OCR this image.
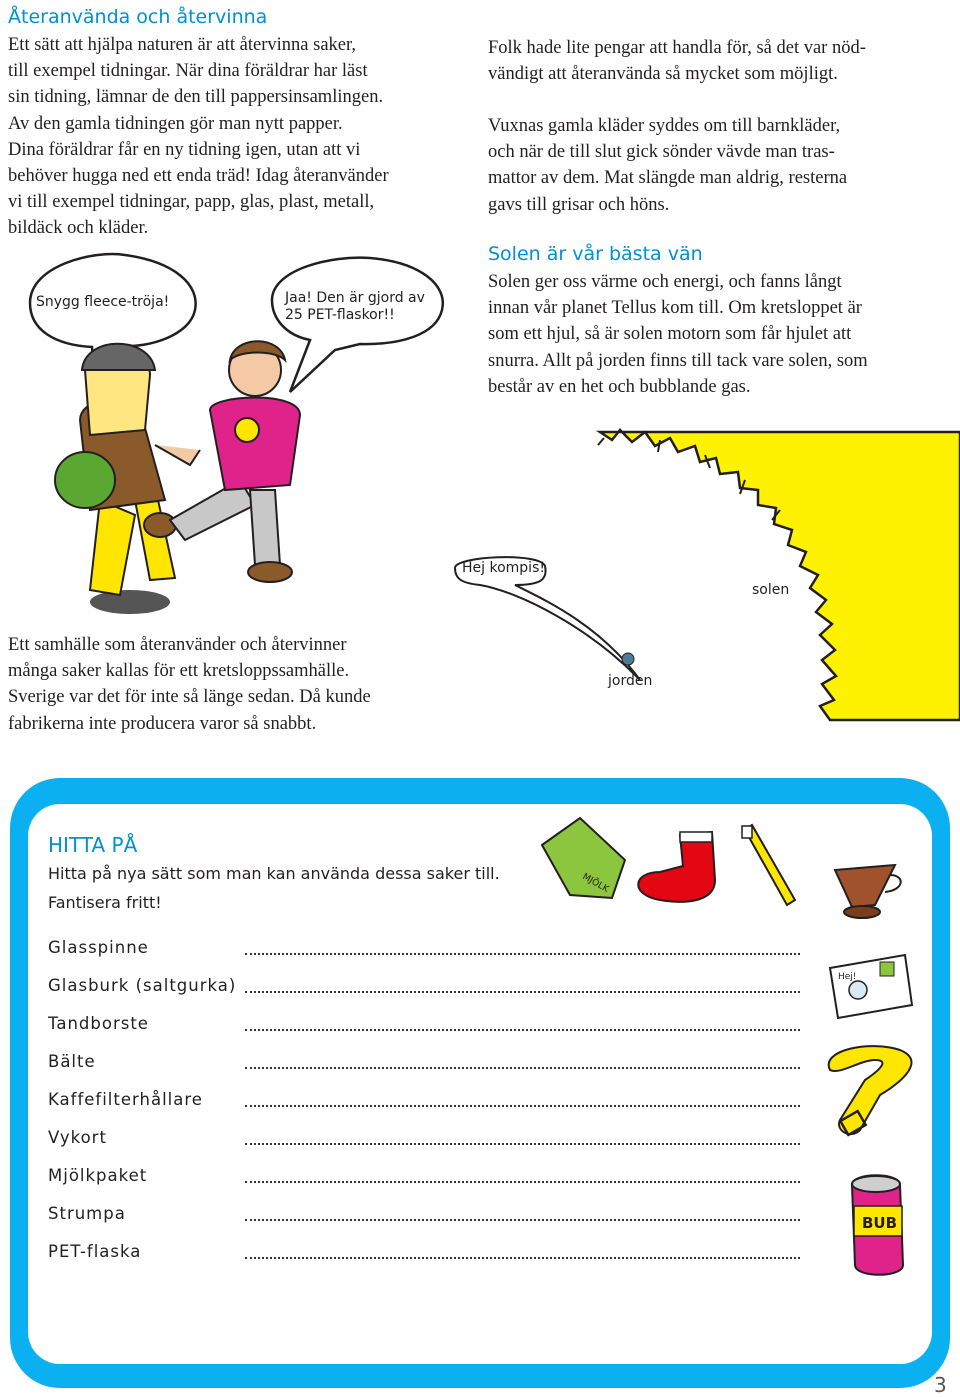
Återanvända och återvinna
Ett sätt att hjälpa naturen är att återvinna saker,
till exempel tidningar. När dina föräldrar har läst
sin tidning, lämnar de den till pappersinsamlingen.
Av den gamla tidningen gör man nytt papper.
Dina föräldrar får en ny tidning igen, utan att vi
behöver hugga ned ett enda träd! Idag återanvänder
vi till exempel tidningar, papp, glas, plast, metall,
bildäck och kläder.
Snygg fleece-tröja!	Jaa! Den är gjord av
25 PET-flaskor!!
Ett samhälle som återanvänder och återvinner
många saker kallas för ett kretsloppssamhälle.
Sverige var det för inte så länge sedan. Då kunde
fabrikerna inte producera varor så snabbt.
Folk hade lite pengar att handla för, så det var nöd-
vändigt att återanvända så mycket som möjligt.
Vuxnas gamla kläder syddes om till barnkläder,
och när de till slut gick sönder vävde man tras-
mattor av dem. Mat slängde man aldrig, resterna
gavs till grisar och höns.
Solen är vår bästa vän
Solen ger oss värme och energi, och fanns långt
innan vår planet Tellus kom till. Om kretsloppet är
som ett hjul, så är solen motorn som får hjulet att
snurra. Allt på jorden finns till tack vare solen, som
består av en het och bubblande gas.
Hej kompis!
solen
jorden
HITTA PÅ
Hitta på nya sätt som man kan använda dessa saker till.
Fantisera fritt!
Glasspinne
Glasburk (saltgurka)
Tandborste
Bälte
Kaffefilterhållare
Vykort
Mjölkpaket
Strumpa
PET-flaska
MJÖLK
Hej!
BUB
3
